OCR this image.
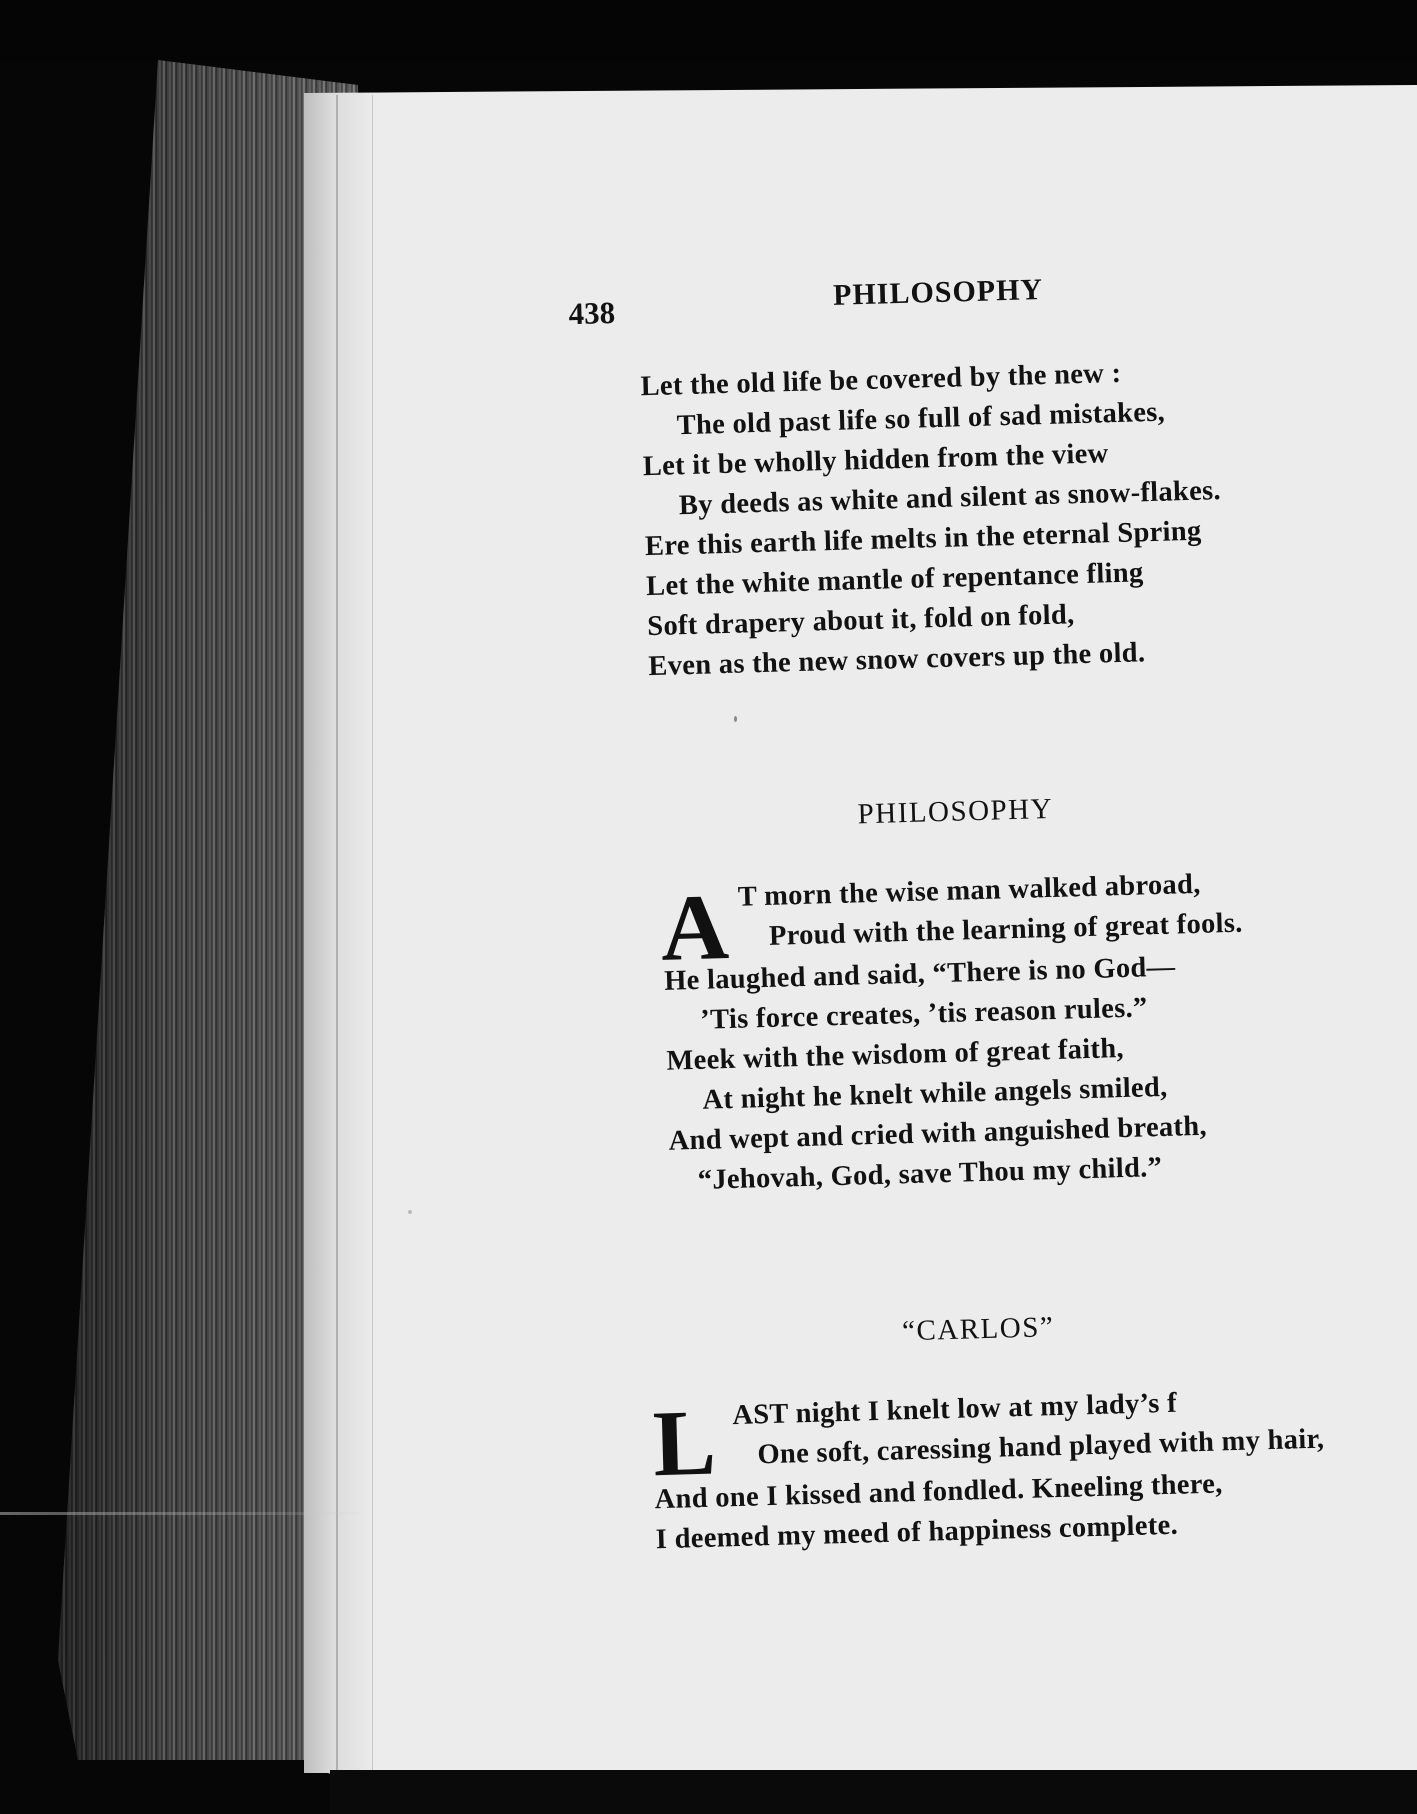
438
PHILOSOPHY
Let the old life be covered by the new :
The old past life so full of sad mistakes,
Let it be wholly hidden from the view
By deeds as white and silent as snow-flakes.
Ere this earth life melts in the eternal Spring
Let the white mantle of repentance fling
Soft drapery about it, fold on fold,
Even as the new snow covers up the old.
PHILOSOPHY
A T morn the wise man walked abroad,
Proud with the learning of great fools.
He laughed and said, “There is no God—
’Tis force creates, ’tis reason rules.”
Meek with the wisdom of great faith,
At night he knelt while angels smiled,
And wept and cried with anguished breath,
“Jehovah, God, save Thou my child.”
“CARLOS”
L AST night I knelt low at my lady’s f
One soft, caressing hand played with my hair,
And one I kissed and fondled. Kneeling there,
I deemed my meed of happiness complete.
